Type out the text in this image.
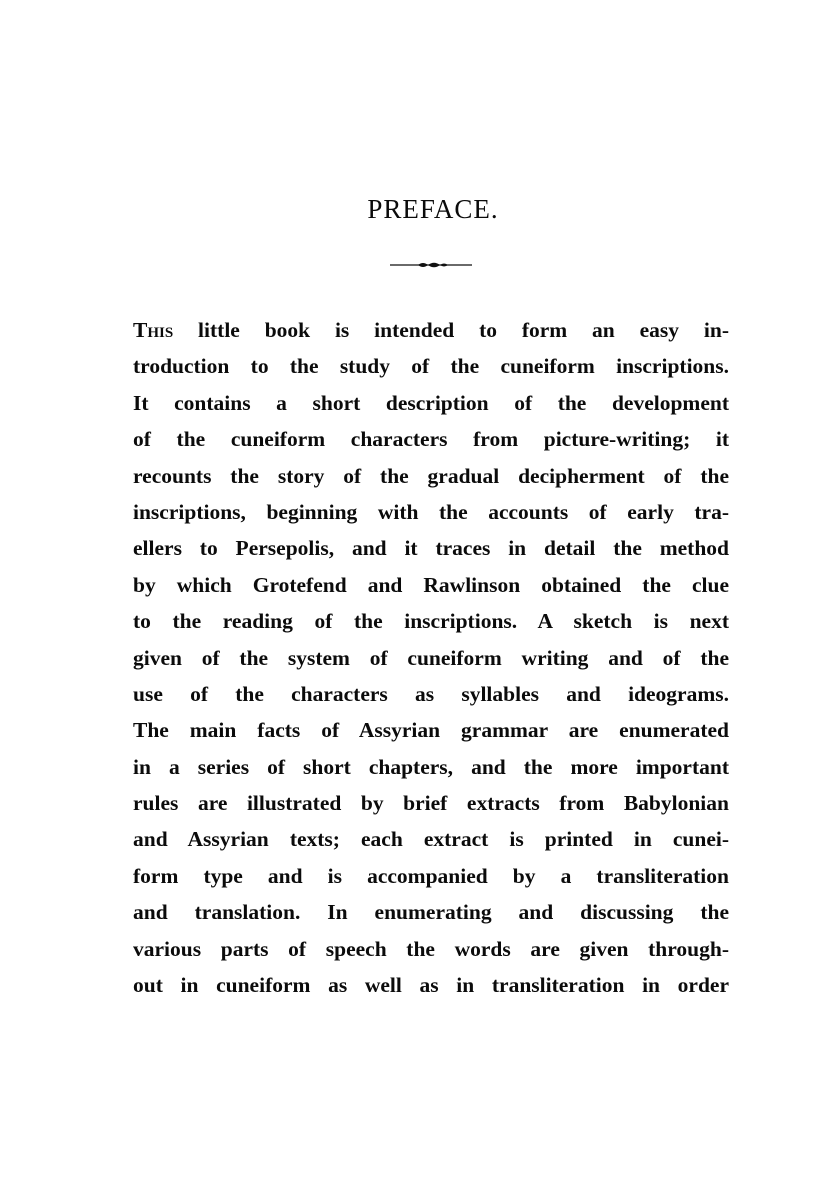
PREFACE.
This little book is intended to form an easy in-
troduction to the study of the cuneiform inscriptions.
It contains a short description of the development
of the cuneiform characters from picture-writing; it
recounts the story of the gradual decipherment of the
inscriptions, beginning with the accounts of early tra-
ellers to Persepolis, and it traces in detail the method
by which Grotefend and Rawlinson obtained the clue
to the reading of the inscriptions. A sketch is next
given of the system of cuneiform writing and of the
use of the characters as syllables and ideograms.
The main facts of Assyrian grammar are enumerated
in a series of short chapters, and the more important
rules are illustrated by brief extracts from Babylonian
and Assyrian texts; each extract is printed in cunei-
form type and is accompanied by a transliteration
and translation. In enumerating and discussing the
various parts of speech the words are given through-
out in cuneiform as well as in transliteration in order
